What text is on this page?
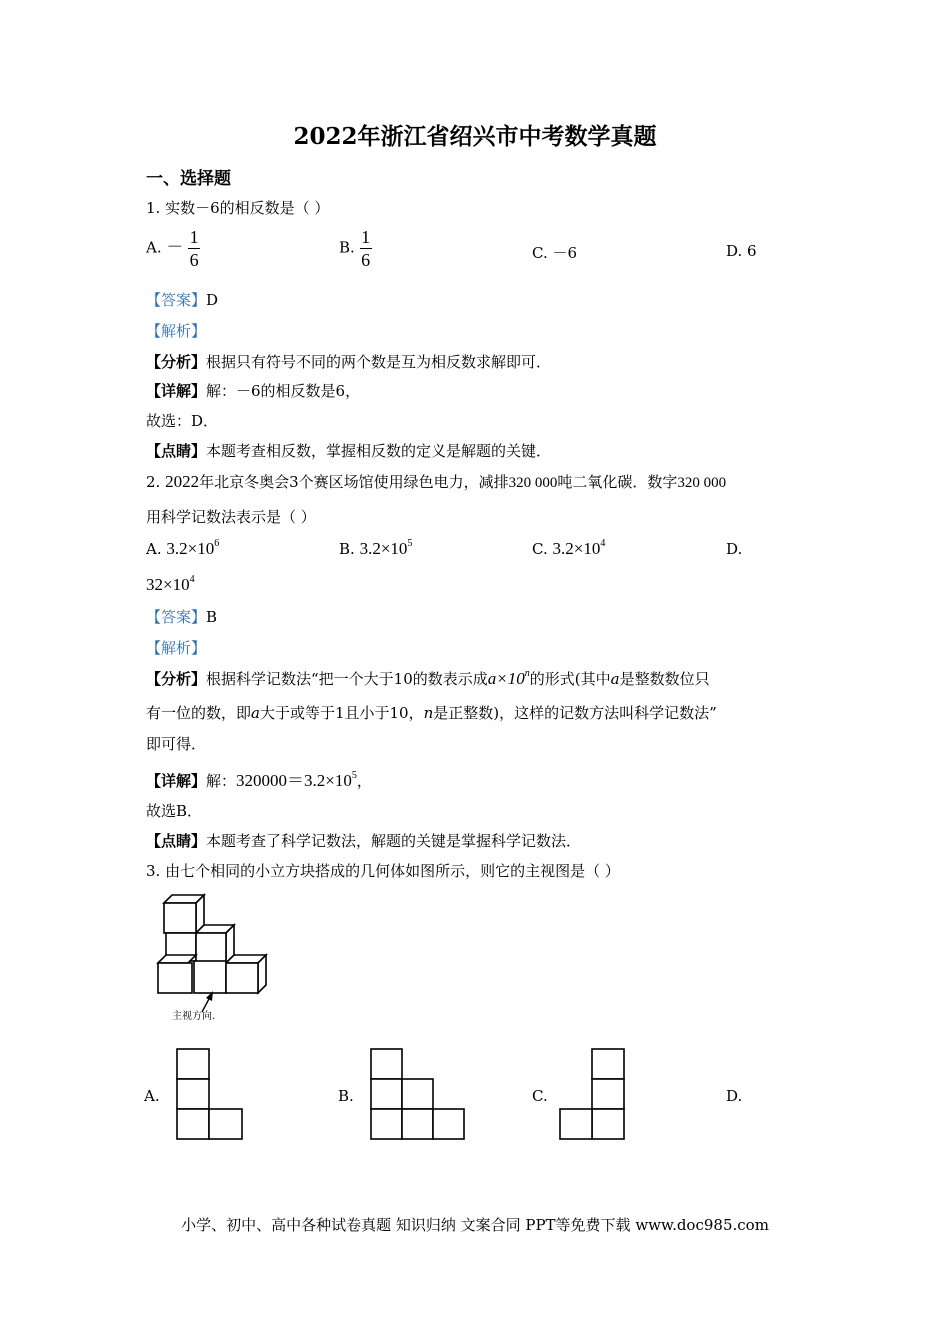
2022年浙江省绍兴市中考数学真题
一、选择题
1. 实数－6的相反数是（ ）
A. － $\frac{1}{6}$	B. $\frac{1}{6}$	C. －6	D. 6
【答案】D
【解析】
【分析】根据只有符号不同的两个数是互为相反数求解即可．
【详解】解：－6的相反数是6，
故选：D．
【点睛】本题考查相反数，掌握相反数的定义是解题的关键．
2. 2022年北京冬奥会3个赛区场馆使用绿色电力，减排320 000吨二氧化碳．数字320 000
用科学记数法表示是（ ）
A. $3.2\times 10^6$	B. $3.2\times 10^5$	C. $3.2\times 10^4$	D.
$32\times 10^4$
【答案】B
【解析】
【分析】根据科学记数法“把一个大于10的数表示成$a\times 10^n$的形式(其中a是整数数位只
有一位的数，即a大于或等于1且小于10，n是正整数)，这样的记数方法叫科学记数法”
即可得．
【详解】解：$320000=3.2\times 10^5$，
故选B．
【点睛】本题考查了科学记数法，解题的关键是掌握科学记数法．
3. 由七个相同的小立方块搭成的几何体如图所示，则它的主视图是（ ）
主视方向.
A.	B.	C.	D.
小学、初中、高中各种试卷真题 知识归纳 文案合同 PPT等免费下载 www.doc985.com
